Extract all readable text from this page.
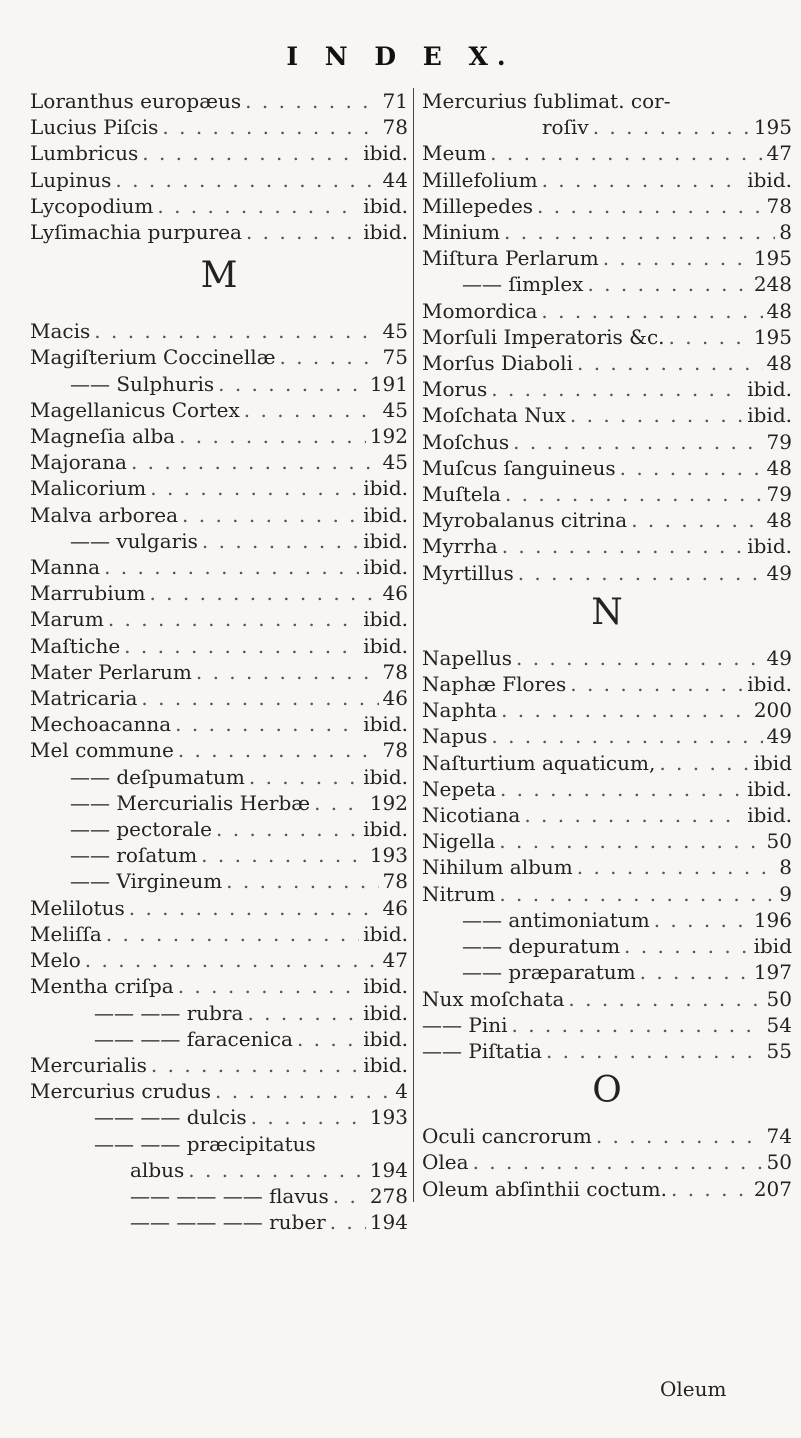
I N D E X.
Loranthus europæus . . .	71
Lucius Piſcis . . .	78
Lumbricus . . .	ibid.
Lupinus . . .	44
Lycopodium . . .	ibid.
Lyſimachia purpurea . . .	ibid.
M
Macis . . .	45
Magiſterium Coccinellæ . . .	75
—— Sulphuris . . .	191
Magellanicus Cortex . . .	45
Magneſia alba . . .	192
Majorana . . .	45
Malicorium . . .	ibid.
Malva arborea . . .	ibid.
—— vulgaris . . .	ibid.
Manna . . .	ibid.
Marrubium . . .	46
Marum . . .	ibid.
Maſtiche . . .	ibid.
Mater Perlarum . . .	78
Matricaria . . .	46
Mechoacanna . . .	ibid.
Mel commune . . .	78
—— deſpumatum . . .	ibid.
—— Mercurialis Herbæ . . .	192
—— pectorale . . .	ibid.
—— roſatum . . .	193
—— Virgineum . . .	78
Melilotus . . .	46
Meliſſa . . .	ibid.
Melo . . .	47
Mentha criſpa . . .	ibid.
—— —— rubra . . .	ibid.
—— —— faracenica . . .	ibid.
Mercurialis . . .	ibid.
Mercurius crudus . . .	4
—— —— dulcis . . .	193
—— —— præcipitatus
albus . . .	194
—— —— —— flavus . . . 278
—— —— —— ruber . . . 194
Mercurius ſublimat. cor-
roſiv . . .	195
Meum . . .	47
Millefolium . . .	ibid.
Millepedes . . .	78
Minium . . .	8
Miſtura Perlarum . . .	195
—— ſimplex . . .	248
Momordica . . .	48
Morſuli Imperatoris &c. . . .	195
Morſus Diaboli . . .	48
Morus . . .	ibid.
Moſchata Nux . . .	ibid.
Moſchus . . .	79
Muſcus ſanguineus . . .	48
Muſtela . . .	79
Myrobalanus citrina . . .	48
Myrrha . . .	ibid.
Myrtillus . . .	49
N
Napellus . . .	49
Naphæ Flores . . .	ibid.
Naphta . . .	200
Napus . . .	49
Naſturtium aquaticum, . . .	ibid
Nepeta . . .	ibid.
Nicotiana . . .	ibid.
Nigella . . .	50
Nihilum album . . .	8
Nitrum . . .	9
—— antimoniatum . . .	196
—— depuratum . . .	ibid
—— præparatum . . .	197
Nux moſchata . . .	50
—— Pini . . .	54
—— Piſtatia . . .	55
O
Oculi cancrorum . . .	74
Olea . . .	50
Oleum abſinthii coctum. . . .	207
Oleum
